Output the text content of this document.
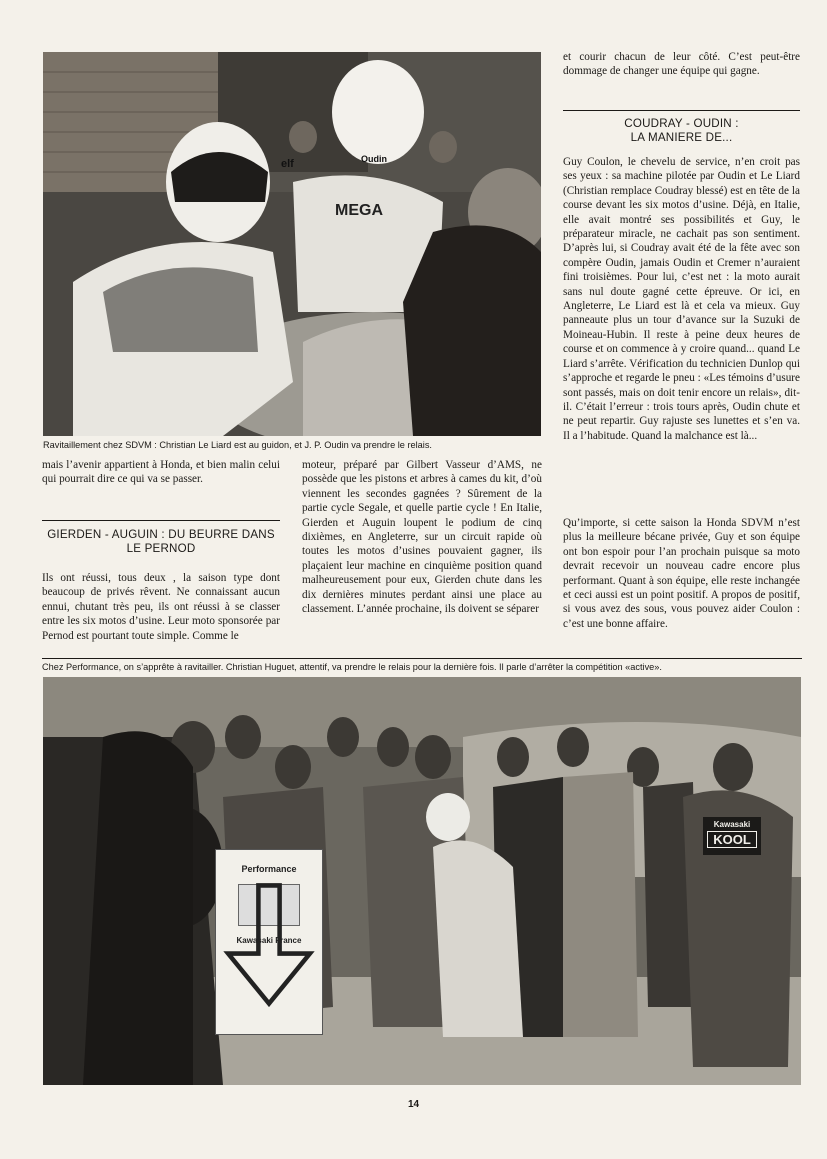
elf	Oudin
MEGA
Ravitaillement chez SDVM : Christian Le Liard est au guidon, et J. P. Oudin va prendre le relais.
mais l’avenir appartient à Honda, et bien malin celui qui pourrait dire ce qui va se passer.
GIERDEN - AUGUIN : DU BEURRE DANS LE PERNOD
Ils ont réussi, tous deux , la saison type dont beaucoup de privés rêvent. Ne connaissant aucun ennui, chutant très peu, ils ont réussi à se classer entre les six motos d’usine. Leur moto sponsorée par Pernod est pourtant toute simple. Comme le
moteur, préparé par Gilbert Vasseur d’AMS, ne possède que les pistons et arbres à cames du kit, d’où viennent les secondes gagnées ? Sûrement de la partie cycle Segale, et quelle partie cycle ! En Italie, Gierden et Auguin loupent le podium de cinq dixièmes, en Angleterre, sur un circuit rapide où toutes les motos d’usines pouvaient gagner, ils plaçaient leur machine en cinquième position quand malheureusement pour eux, Gierden chute dans les dix dernières minutes perdant ainsi une place au classement. L’année prochaine, ils doivent se séparer
et courir chacun de leur côté. C’est peut-être dommage de changer une équipe qui gagne.
COUDRAY - OUDIN :
LA MANIERE DE...
Guy Coulon, le chevelu de service, n’en croit pas ses yeux : sa machine pilotée par Oudin et Le Liard (Christian remplace Coudray blessé) est en tête de la course devant les six motos d’usine. Déjà, en Italie, elle avait montré ses possibilités et Guy, le préparateur miracle, ne cachait pas son sentiment. D’après lui, si Coudray avait été de la fête avec son compère Oudin, jamais Oudin et Cremer n’auraient fini troisièmes. Pour lui, c’est net : la moto aurait sans nul doute gagné cette épreuve. Or ici, en Angleterre, Le Liard est là et cela va mieux. Guy panneaute plus un tour d’avance sur la Suzuki de Moineau-Hubin. Il reste à peine deux heures de course et on commence à y croire quand... quand Le Liard s’arrête. Vérification du technicien Dunlop qui s’approche et regarde le pneu : «Les témoins d’usure sont passés, mais on doit tenir encore un relais», dit-il. C’était l’erreur : trois tours après, Oudin chute et ne peut repartir. Guy rajuste ses lunettes et s’en va. Il a l’habitude. Quand la malchance est là...
Qu’importe, si cette saison la Honda SDVM n’est plus la meilleure bécane privée, Guy et son équipe ont bon espoir pour l’an prochain puisque sa moto devrait recevoir un nouveau cadre encore plus performant. Quant à son équipe, elle reste inchangée et ceci aussi est un point positif. A propos de positif, si vous avez des sous, vous pouvez aider Coulon : c’est une bonne affaire.
Chez Performance, on s’apprête à ravitailler. Christian Huguet, attentif, va prendre le relais pour la dernière fois. Il parle d’arrêter la compétition «active».
Performance
Kawasaki France
Kawasaki
KOOL
14
